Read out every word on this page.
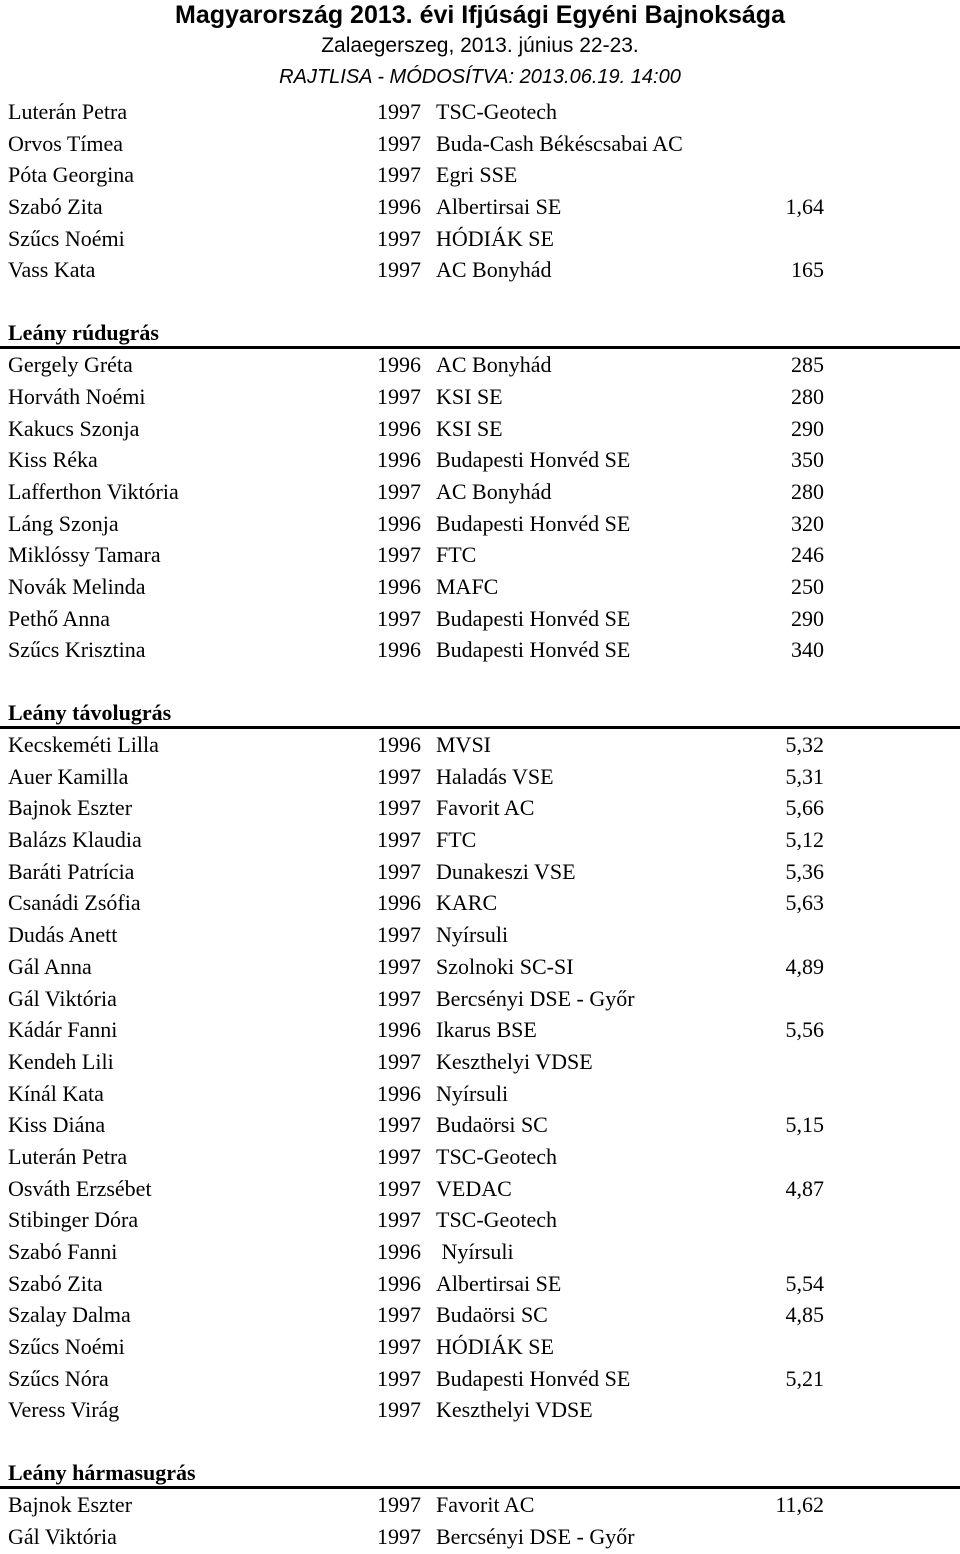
Magyarország 2013. évi Ifjúsági Egyéni Bajnoksága
Zalaegerszeg, 2013. június 22-23.
RAJTLISA - MÓDOSÍTVA: 2013.06.19. 14:00
Luterán Petra	1997 TSC-Geotech
Orvos Tímea	1997 Buda-Cash Békéscsabai AC
Póta Georgina	1997 Egri SSE
Szabó Zita	1996 Albertirsai SE	1,64
Szűcs Noémi	1997 HÓDIÁK SE
Vass Kata	1997 AC Bonyhád	165
Leány rúdugrás
Gergely Gréta	1996 AC Bonyhád	285
Horváth Noémi	1997 KSI SE	280
Kakucs Szonja	1996 KSI SE	290
Kiss Réka	1996 Budapesti Honvéd SE	350
Lafferthon Viktória	1997 AC Bonyhád	280
Láng Szonja	1996 Budapesti Honvéd SE	320
Miklóssy Tamara	1997 FTC	246
Novák Melinda	1996 MAFC	250
Pethő Anna	1997 Budapesti Honvéd SE	290
Szűcs Krisztina	1996 Budapesti Honvéd SE	340
Leány távolugrás
Kecskeméti Lilla	1996 MVSI	5,32
Auer Kamilla	1997 Haladás VSE	5,31
Bajnok Eszter	1997 Favorit AC	5,66
Balázs Klaudia	1997 FTC	5,12
Baráti Patrícia	1997 Dunakeszi VSE	5,36
Csanádi Zsófia	1996 KARC	5,63
Dudás Anett	1997 Nyírsuli
Gál Anna	1997 Szolnoki SC-SI	4,89
Gál Viktória	1997 Bercsényi DSE - Győr
Kádár Fanni	1996 Ikarus BSE	5,56
Kendeh Lili	1997 Keszthelyi VDSE
Kínál Kata	1996 Nyírsuli
Kiss Diána	1997 Budaörsi SC	5,15
Luterán Petra	1997 TSC-Geotech
Osváth Erzsébet	1997 VEDAC	4,87
Stibinger Dóra	1997 TSC-Geotech
Szabó Fanni	1996 Nyírsuli
Szabó Zita	1996 Albertirsai SE	5,54
Szalay Dalma	1997 Budaörsi SC	4,85
Szűcs Noémi	1997 HÓDIÁK SE
Szűcs Nóra	1997 Budapesti Honvéd SE	5,21
Veress Virág	1997 Keszthelyi VDSE
Leány hármasugrás
Bajnok Eszter	1997 Favorit AC	11,62
Gál Viktória	1997 Bercsényi DSE - Győr
